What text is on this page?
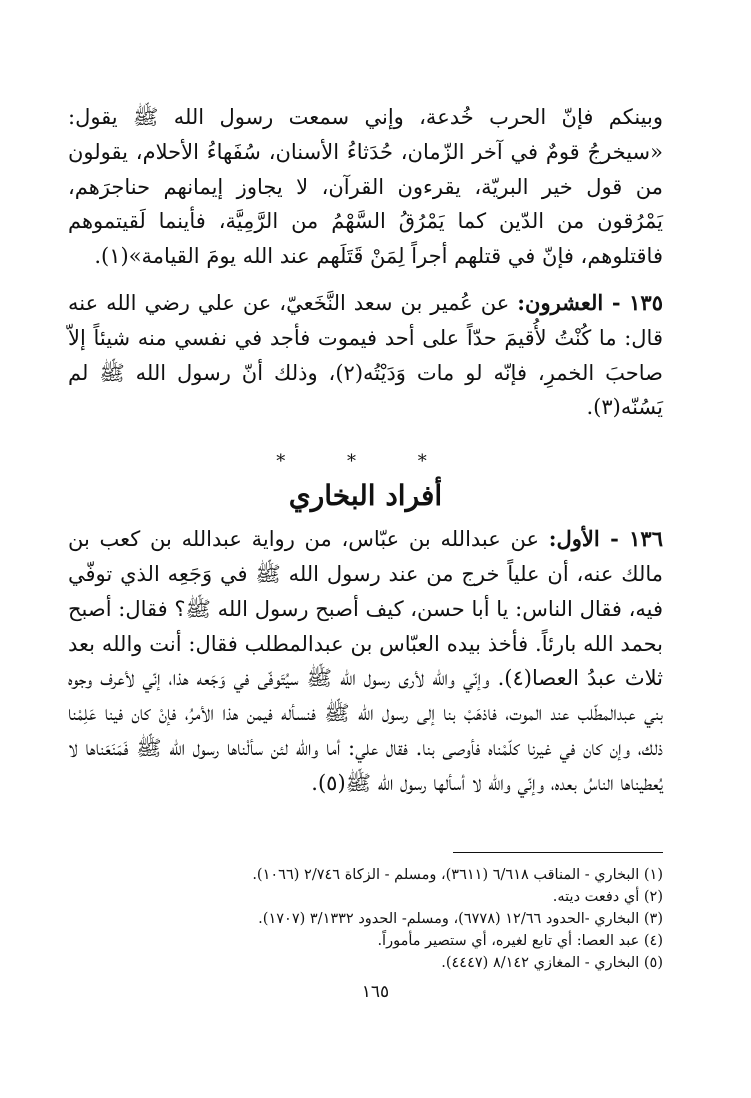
وبينكم فإنّ الحرب خُدعة، وإني سمعت رسول الله ﷺ يقول: «سيخرجُ قومٌ في آخر الزّمان، حُدَثاءُ الأسنان، سُفَهاءُ الأحلام، يقولون من قول خير البريّة، يقرءون القرآن، لا يجاوز إيمانهم حناجرَهم، يَمْرُقون من الدّين كما يَمْرُقُ السَّهْمُ من الرَّمِيَّة، فأينما لَقيتموهم فاقتلوهم، فإنّ في قتلهم أجراً لِمَنْ قَتَلَهم عند الله يومَ القيامة»(١).

١٣٥ - العشرون: عن عُمير بن سعد النَّخَعيّ، عن علي رضي الله عنه قال: ما كُنْتُ لأُقيمَ حدّاً على أحد فيموت فأجد في نفسي منه شيئاً إلاّ صاحبَ الخمرِ، فإنّه لو مات وَدَيْتُه(٢)، وذلك أنّ رسول الله ﷺ لم يَسُنّه(٣).

* * *
أفراد البخاري

١٣٦ - الأول: عن عبدالله بن عبّاس، من رواية عبدالله بن كعب بن مالك عنه، أن علياً خرج من عند رسول الله ﷺ في وَجَعِه الذي توفّي فيه، فقال الناس: يا أبا حسن، كيف أصبح رسول الله ﷺ؟ فقال: أصبح بحمد الله بارئاً. فأخذ بيده العبّاس بن عبدالمطلب فقال: أنت والله بعد ثلاث عبدُ العصا(٤). وإنّي والله لأرى رسول الله ﷺ سيُتَوفّى في وَجَعه هذا، إنّي لأعرف وجوه بني عبدالمطّلب عند الموت، فاذهَبْ بنا إلى رسول الله ﷺ فنسأله فيمن هذا الأمرُ، فإنْ كان فينا عَلِمْنا ذلك، وإن كان في غيرنا كلّمْناه فأوصى بنا. فقال علي: أما والله لئن سألْناها رسول الله ﷺ فَمَنَعَناها لا يُعطيناها الناسُ بعده، وإنّي والله لا أسألها رسول الله ﷺ(٥).

(١) البخاري - المناقب ٦/٦١٨ (٣٦١١)، ومسلم - الزكاة ٢/٧٤٦ (١٠٦٦).
(٢) أي دفعت ديته.
(٣) البخاري -الحدود ١٢/٦٦ (٦٧٧٨)، ومسلم- الحدود ٣/١٣٣٢ (١٧٠٧).
(٤) عبد العصا: أي تابع لغيره، أي ستصير مأموراً.
(٥) البخاري - المغازي ٨/١٤٢ (٤٤٤٧).
١٦٥
